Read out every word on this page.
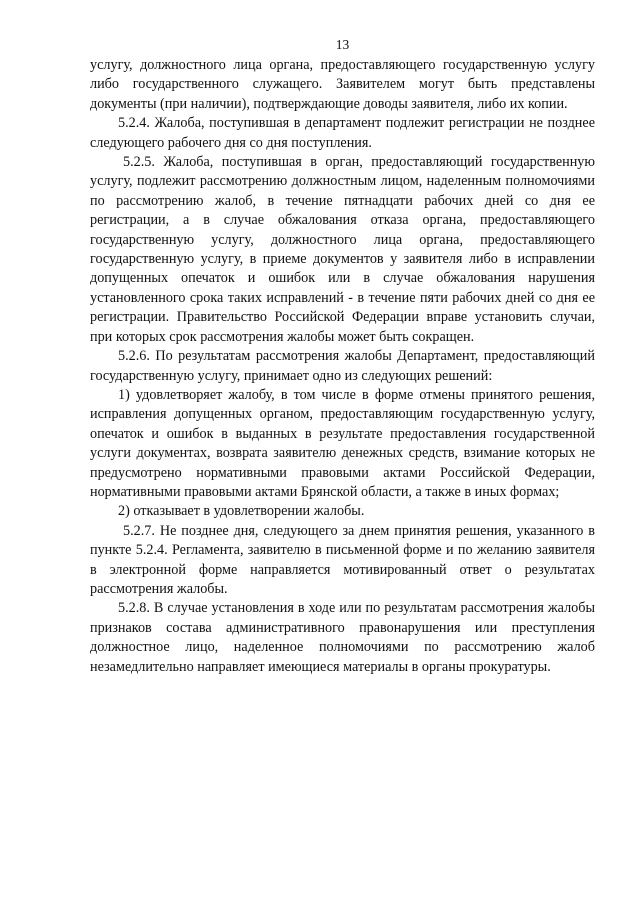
13

услугу, должностного лица органа, предоставляющего государственную услугу либо государственного служащего. Заявителем могут быть представлены документы (при наличии), подтверждающие доводы заявителя, либо их копии.

5.2.4. Жалоба, поступившая в департамент подлежит регистрации не позднее следующего рабочего дня со дня поступления.

5.2.5. Жалоба, поступившая в орган, предоставляющий государственную услугу, подлежит рассмотрению должностным лицом, наделенным полномочиями по рассмотрению жалоб, в течение пятнадцати рабочих дней со дня ее регистрации, а в случае обжалования отказа органа, предоставляющего государственную услугу, должностного лица органа, предоставляющего государственную услугу, в приеме документов у заявителя либо в исправлении допущенных опечаток и ошибок или в случае обжалования нарушения установленного срока таких исправлений - в течение пяти рабочих дней со дня ее регистрации. Правительство Российской Федерации вправе установить случаи, при которых срок рассмотрения жалобы может быть сокращен.

5.2.6. По результатам рассмотрения жалобы Департамент, предоставляющий государственную услугу, принимает одно из следующих решений:

1) удовлетворяет жалобу, в том числе в форме отмены принятого решения, исправления допущенных органом, предоставляющим государственную услугу, опечаток и ошибок в выданных в результате предоставления государственной услуги документах, возврата заявителю денежных средств, взимание которых не предусмотрено нормативными правовыми актами Российской Федерации, нормативными правовыми актами Брянской области, а также в иных формах;

2) отказывает в удовлетворении жалобы.

5.2.7. Не позднее дня, следующего за днем принятия решения, указанного в пункте 5.2.4. Регламента, заявителю в письменной форме и по желанию заявителя в электронной форме направляется мотивированный ответ о результатах рассмотрения жалобы.

5.2.8. В случае установления в ходе или по результатам рассмотрения жалобы признаков состава административного правонарушения или преступления должностное лицо, наделенное полномочиями по рассмотрению жалоб незамедлительно направляет имеющиеся материалы в органы прокуратуры.
